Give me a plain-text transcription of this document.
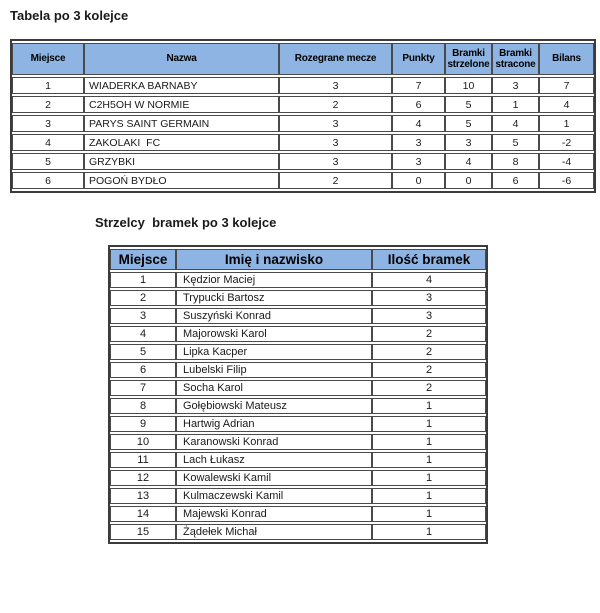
Tabela po 3 kolejce

Miejsce	Nazwa	Rozegrane mecze	Punkty	Bramki strzelone	Bramki stracone	Bilans
1	WIADERKA BARNABY	3	7	10	3	7
2	C2H5OH W NORMIE	2	6	5	1	4
3	PARYS SAINT GERMAIN	3	4	5	4	1
4	ZAKOLAKI  FC	3	3	3	5	-2
5	GRZYBKI	3	3	4	8	-4
6	POGOŃ BYDŁO	2	0	0	6	-6

Strzelcy  bramek po 3 kolejce

Miejsce	Imię i nazwisko	Ilość bramek
1	Kędzior Maciej	4
2	Trypucki Bartosz	3
3	Suszyński Konrad	3
4	Majorowski Karol	2
5	Lipka Kacper	2
6	Lubelski Filip	2
7	Socha Karol	2
8	Gołębiowski Mateusz	1
9	Hartwig Adrian	1
10	Karanowski Konrad	1
11	Lach Łukasz	1
12	Kowalewski Kamil	1
13	Kulmaczewski Kamil	1
14	Majewski Konrad	1
15	Żądełek Michał	1
